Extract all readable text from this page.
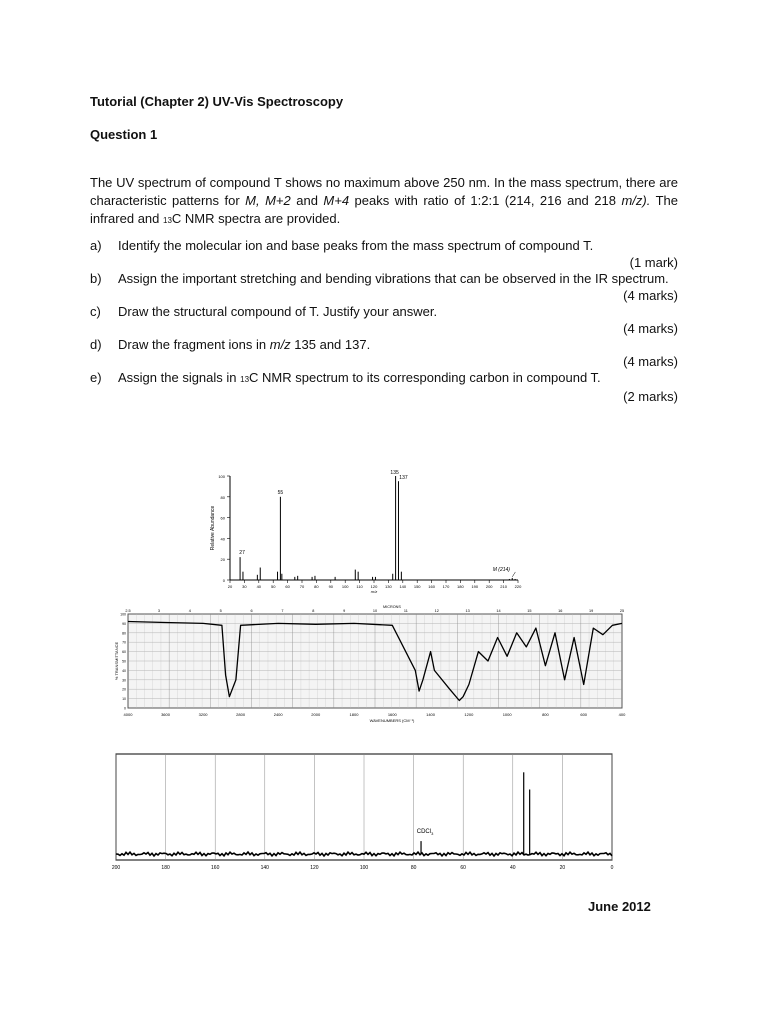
Tutorial (Chapter 2) UV-Vis Spectroscopy
Question 1
The UV spectrum of compound T shows no maximum above 250 nm. In the mass spectrum, there are characteristic patterns for M, M+2 and M+4 peaks with ratio of 1:2:1 (214, 216 and 218 m/z). The infrared and 13C NMR spectra are provided.
a) Identify the molecular ion and base peaks from the mass spectrum of compound T.
(1 mark)
b) Assign the important stretching and bending vibrations that can be observed in the IR spectrum.
(4 marks)
c) Draw the structural compound of T. Justify your answer.
(4 marks)
d) Draw the fragment ions in m/z 135 and 137.
(4 marks)
e) Assign the signals in 13C NMR spectrum to its corresponding carbon in compound T.
(2 marks)
100
80
60
40
20
0
20 30 40 50 60 70 80 90 100 110 120 130 140 150 160 170 180 190 200 210 220
m/z
Relative Abundance
135
137
55
27
M (214)
100
90
80
70
60
50
40
30
20
10
0
4000	3600	3200	2800	2400	2000	1800	1600	1400	1200	1000	800	600	400
2.5	3	4	5	6	7	8	9	10	11	12	13	14	15	16	19	25
MICRONS
WAVENUMBERS (CM⁻¹)
% TRANSMITTANCE
200	180	160	140	120	100	80	60	40	20	0
CDCl$_3$
June 2012
